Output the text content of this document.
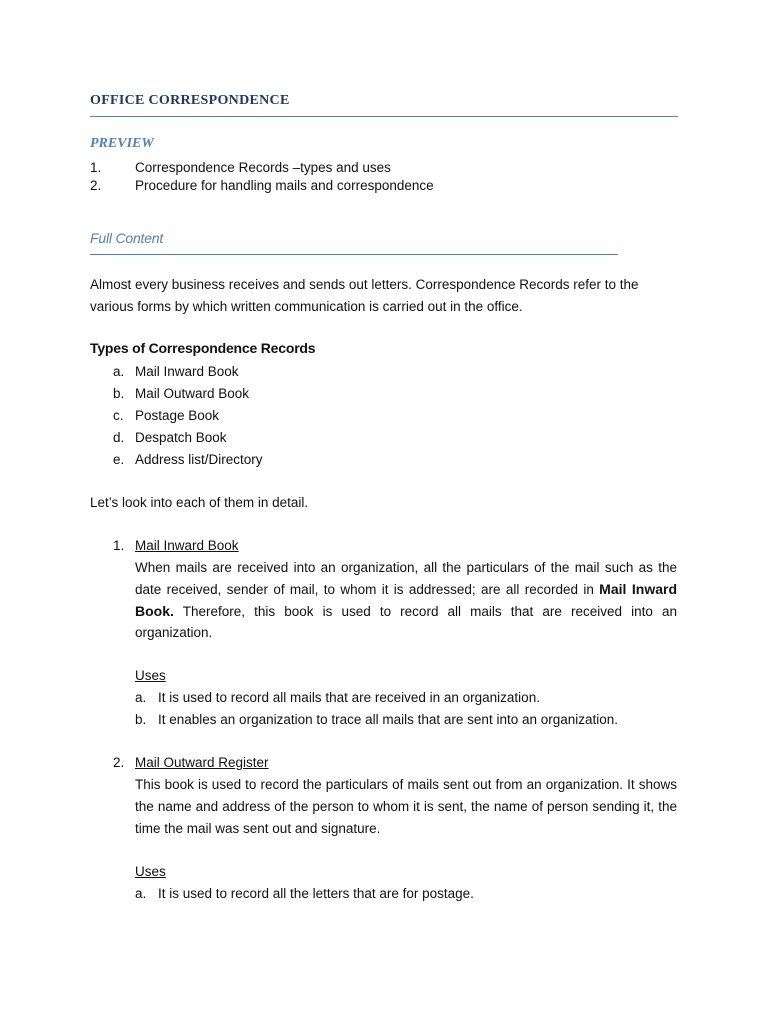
OFFICE CORRESPONDENCE
PREVIEW
1. Correspondence Records –types and uses
2. Procedure for handling mails and correspondence
Full Content
Almost every business receives and sends out letters. Correspondence Records refer to the
various forms by which written communication is carried out in the office.
Types of Correspondence Records
a. Mail Inward Book
b. Mail Outward Book
c. Postage Book
d. Despatch Book
e. Address list/Directory
Let’s look into each of them in detail.
1. Mail Inward Book
When mails are received into an organization, all the particulars of the mail such as the date received, sender of mail, to whom it is addressed; are all recorded in Mail Inward Book. Therefore, this book is used to record all mails that are received into an organization.
Uses
a. It is used to record all mails that are received in an organization.
b. It enables an organization to trace all mails that are sent into an organization.
2. Mail Outward Register
This book is used to record the particulars of mails sent out from an organization. It shows the name and address of the person to whom it is sent, the name of person sending it, the time the mail was sent out and signature.
Uses
a. It is used to record all the letters that are for postage.
